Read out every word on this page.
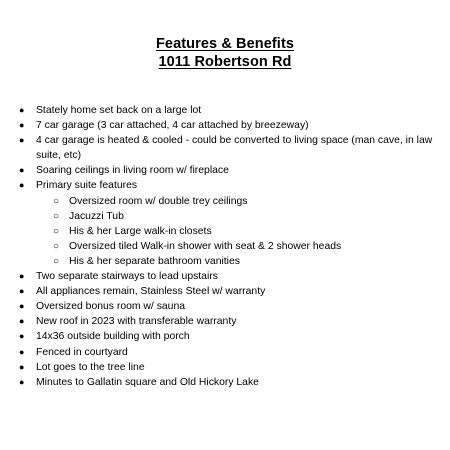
Features & Benefits
1011 Robertson Rd
● Stately home set back on a large lot
● 7 car garage (3 car attached, 4 car attached by breezeway)
● 4 car garage is heated & cooled - could be converted to living space (man cave, in law suite, etc)
● Soaring ceilings in living room w/ fireplace
● Primary suite features
○ Oversized room w/ double trey ceilings
○ Jacuzzi Tub
○ His & her Large walk-in closets
○ Oversized tiled Walk-in shower with seat & 2 shower heads
○ His & her separate bathroom vanities
● Two separate stairways to lead upstairs
● All appliances remain, Stainless Steel w/ warranty
● Oversized bonus room w/ sauna
● New roof in 2023 with transferable warranty
● 14x36 outside building with porch
● Fenced in courtyard
● Lot goes to the tree line
● Minutes to Gallatin square and Old Hickory Lake
